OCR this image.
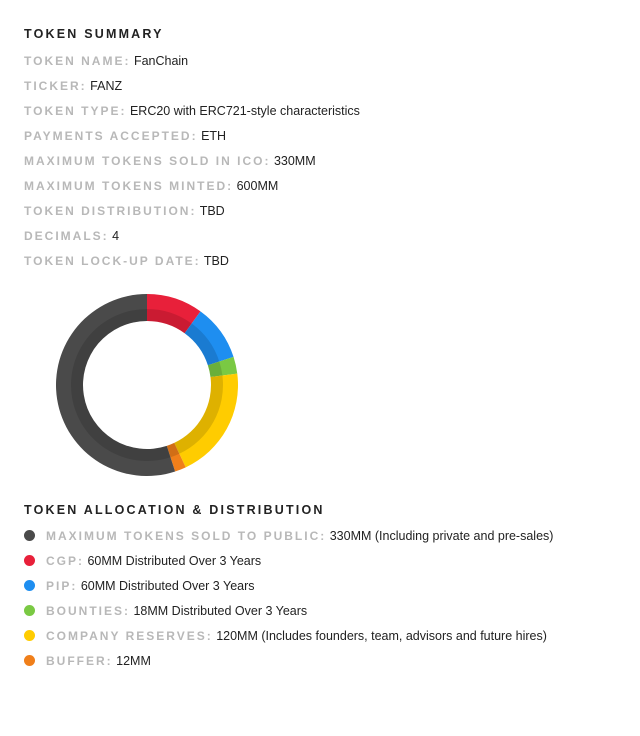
TOKEN SUMMARY
TOKEN NAME: FanChain
TICKER: FANZ
TOKEN TYPE: ERC20 with ERC721-style characteristics
PAYMENTS ACCEPTED: ETH
MAXIMUM TOKENS SOLD IN ICO: 330MM
MAXIMUM TOKENS MINTED: 600MM
TOKEN DISTRIBUTION: TBD
DECIMALS: 4
TOKEN LOCK-UP DATE: TBD
TOKEN ALLOCATION & DISTRIBUTION
MAXIMUM TOKENS SOLD TO PUBLIC: 330MM (Including private and pre-sales)
CGP: 60MM Distributed Over 3 Years
PIP: 60MM Distributed Over 3 Years
BOUNTIES: 18MM Distributed Over 3 Years
COMPANY RESERVES: 120MM (Includes founders, team, advisors and future hires)
BUFFER: 12MM
